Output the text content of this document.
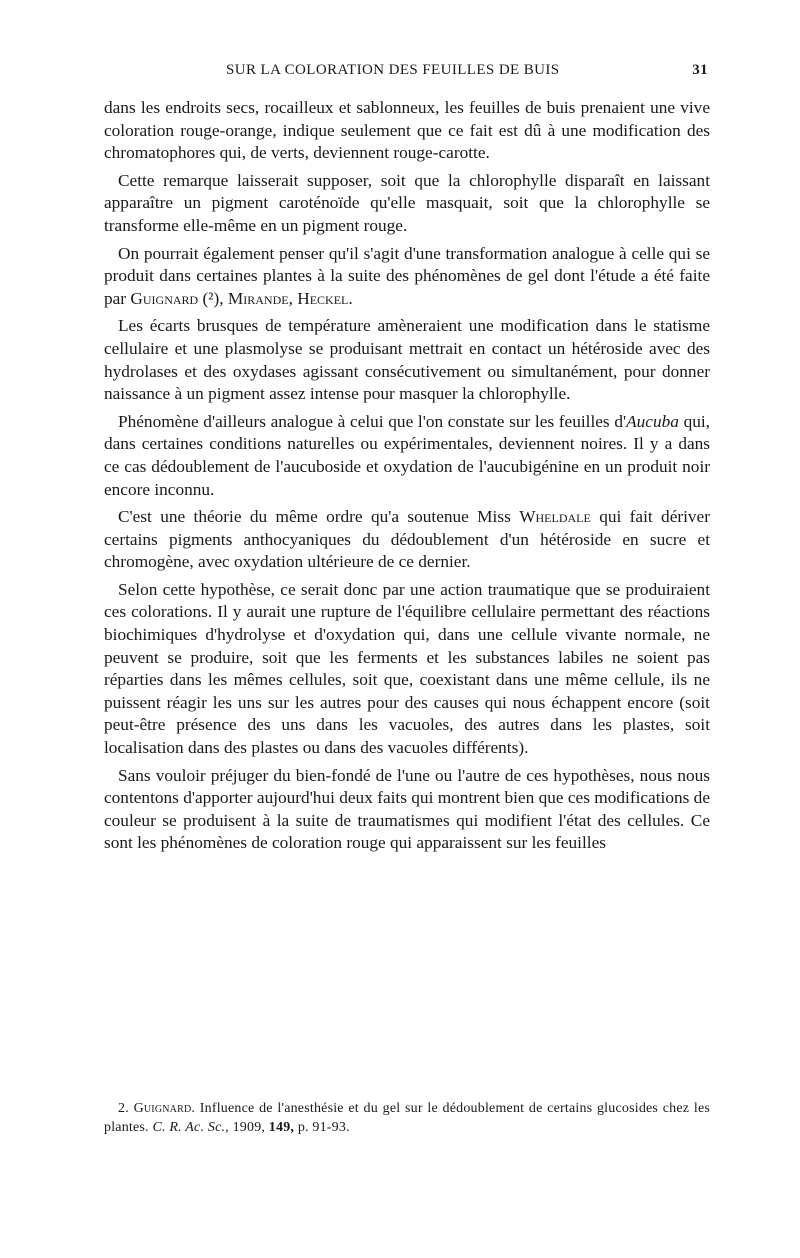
SUR LA COLORATION DES FEUILLES DE BUIS	31

dans les endroits secs, rocailleux et sablonneux, les feuilles de buis prenaient une vive coloration rouge-orange, indique seulement que ce fait est dû à une modification des chromatophores qui, de verts, deviennent rouge-carotte.

Cette remarque laisserait supposer, soit que la chlorophylle disparaît en laissant apparaître un pigment caroténoïde qu'elle masquait, soit que la chlorophylle se transforme elle-même en un pigment rouge.

On pourrait également penser qu'il s'agit d'une transformation analogue à celle qui se produit dans certaines plantes à la suite des phénomènes de gel dont l'étude a été faite par Guignard (²), Mirande, Heckel.

Les écarts brusques de température amèneraient une modification dans le statisme cellulaire et une plasmolyse se produisant mettrait en contact un hétéroside avec des hydrolases et des oxydases agissant consécutivement ou simultanément, pour donner naissance à un pigment assez intense pour masquer la chlorophylle.

Phénomène d'ailleurs analogue à celui que l'on constate sur les feuilles d'Aucuba qui, dans certaines conditions naturelles ou expérimentales, deviennent noires. Il y a dans ce cas dédoublement de l'aucuboside et oxydation de l'aucubigénine en un produit noir encore inconnu.

C'est une théorie du même ordre qu'a soutenue Miss Wheldale qui fait dériver certains pigments anthocyaniques du dédoublement d'un hétéroside en sucre et chromogène, avec oxydation ultérieure de ce dernier.

Selon cette hypothèse, ce serait donc par une action traumatique que se produiraient ces colorations. Il y aurait une rupture de l'équilibre cellulaire permettant des réactions biochimiques d'hydrolyse et d'oxydation qui, dans une cellule vivante normale, ne peuvent se produire, soit que les ferments et les substances labiles ne soient pas réparties dans les mêmes cellules, soit que, coexistant dans une même cellule, ils ne puissent réagir les uns sur les autres pour des causes qui nous échappent encore (soit peut-être présence des uns dans les vacuoles, des autres dans les plastes, soit localisation dans des plastes ou dans des vacuoles différents).

Sans vouloir préjuger du bien-fondé de l'une ou l'autre de ces hypothèses, nous nous contentons d'apporter aujourd'hui deux faits qui montrent bien que ces modifications de couleur se produisent à la suite de traumatismes qui modifient l'état des cellules. Ce sont les phénomènes de coloration rouge qui apparaissent sur les feuilles

2. Guignard. Influence de l'anesthésie et du gel sur le dédoublement de certains glucosides chez les plantes. C. R. Ac. Sc., 1909, 149, p. 91-93.
